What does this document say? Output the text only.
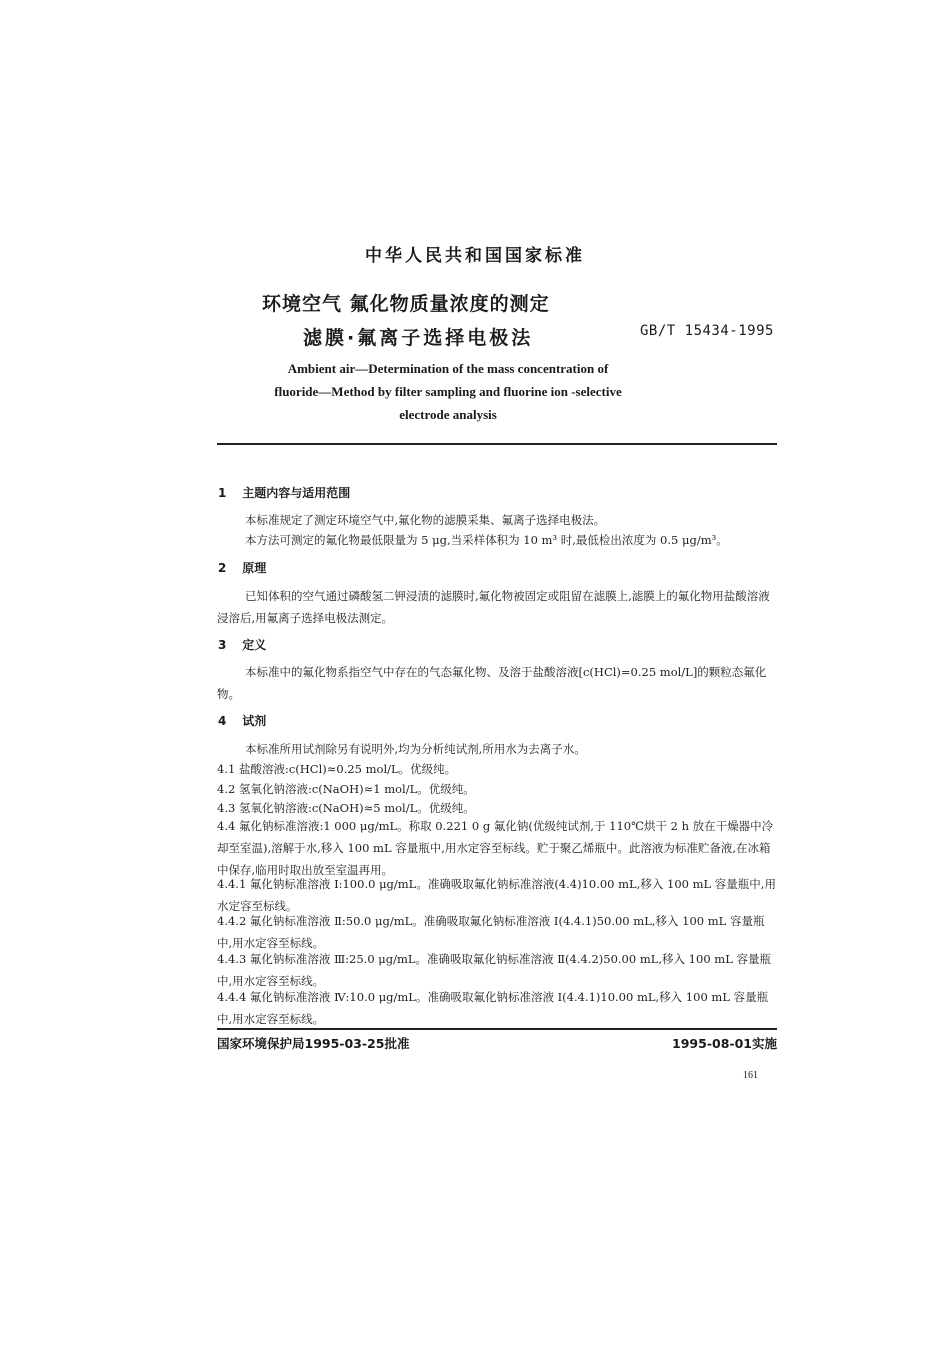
中华人民共和国国家标准
环境空气 氟化物质量浓度的测定
滤膜·氟离子选择电极法	GB/T 15434-1995
Ambient air—Determination of the mass concentration of fluoride—Method by filter sampling and fluorine ion -selective electrode analysis
1 主题内容与适用范围
本标准规定了测定环境空气中,氟化物的滤膜采集、氟离子选择电极法。
本方法可测定的氟化物最低限量为 5 μg,当采样体积为 10 m³ 时,最低检出浓度为 0.5 μg/m³。
2 原理
已知体积的空气通过磷酸氢二钾浸渍的滤膜时,氟化物被固定或阻留在滤膜上,滤膜上的氟化物用盐酸溶液浸溶后,用氟离子选择电极法测定。
3 定义
本标准中的氟化物系指空气中存在的气态氟化物、及溶于盐酸溶液[c(HCl)=0.25 mol/L]的颗粒态氟化物。
4 试剂
本标准所用试剂除另有说明外,均为分析纯试剂,所用水为去离子水。
4.1 盐酸溶液:c(HCl)≈0.25 mol/L。优级纯。
4.2 氢氧化钠溶液:c(NaOH)≈1 mol/L。优级纯。
4.3 氢氧化钠溶液:c(NaOH)≈5 mol/L。优级纯。
4.4 氟化钠标准溶液:1 000 μg/mL。称取 0.221 0 g 氟化钠(优级纯试剂,于 110℃烘干 2 h 放在干燥器中冷却至室温),溶解于水,移入 100 mL 容量瓶中,用水定容至标线。贮于聚乙烯瓶中。此溶液为标准贮备液,在冰箱中保存,临用时取出放至室温再用。
4.4.1 氟化钠标准溶液 Ⅰ:100.0 μg/mL。准确吸取氟化钠标准溶液(4.4)10.00 mL,移入 100 mL 容量瓶中,用水定容至标线。
4.4.2 氟化钠标准溶液 Ⅱ:50.0 μg/mL。准确吸取氟化钠标准溶液 Ⅰ(4.4.1)50.00 mL,移入 100 mL 容量瓶中,用水定容至标线。
4.4.3 氟化钠标准溶液 Ⅲ:25.0 μg/mL。准确吸取氟化钠标准溶液 Ⅱ(4.4.2)50.00 mL,移入 100 mL 容量瓶中,用水定容至标线。
4.4.4 氟化钠标准溶液 Ⅳ:10.0 μg/mL。准确吸取氟化钠标准溶液 Ⅰ(4.4.1)10.00 mL,移入 100 mL 容量瓶中,用水定容至标线。
国家环境保护局1995-03-25批准	1995-08-01实施
161
